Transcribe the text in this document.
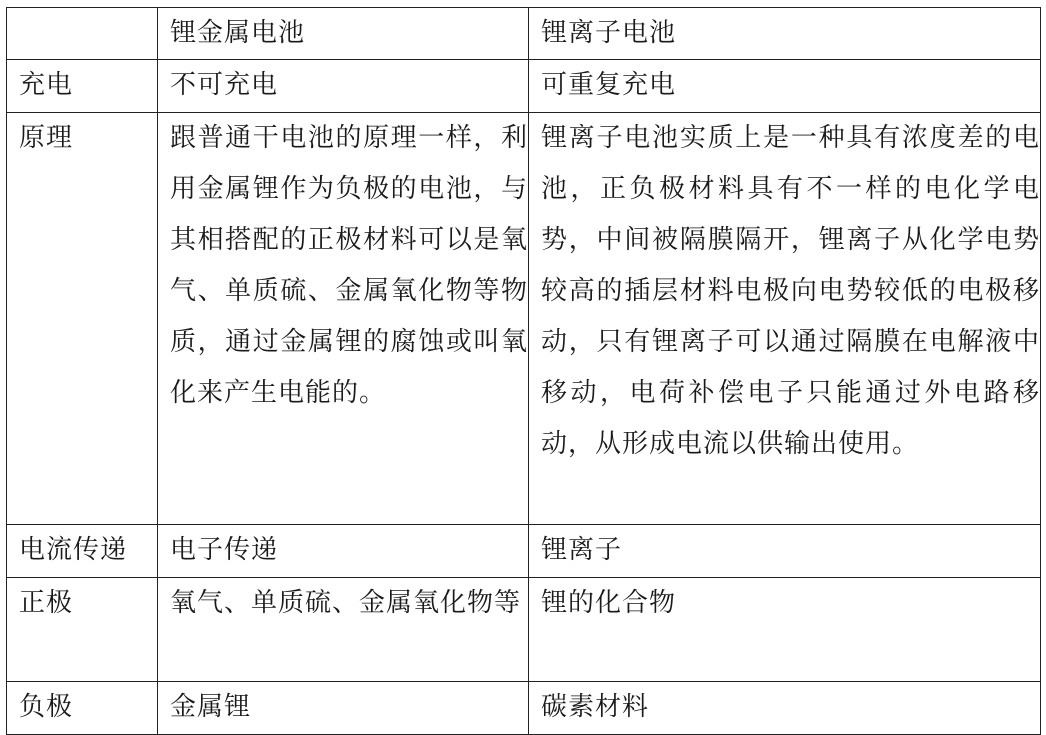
	锂金属电池	锂离子电池

充电	不可充电	可重复充电

原理	跟普通干电池的原理一样，利用金属锂作为负极的电池，与其相搭配的正极材料可以是氧气、单质硫、金属氧化物等物质，通过金属锂的腐蚀或叫氧化来产生电能的。	锂离子电池实质上是一种具有浓度差的电池，正负极材料具有不一样的电化学电势，中间被隔膜隔开，锂离子从化学电势较高的插层材料电极向电势较低的电极移动，只有锂离子可以通过隔膜在电解液中移动，电荷补偿电子只能通过外电路移动，从形成电流以供输出使用。

电流传递	电子传递	锂离子

正极	氧气、单质硫、金属氧化物等	锂的化合物

负极	金属锂	碳素材料
